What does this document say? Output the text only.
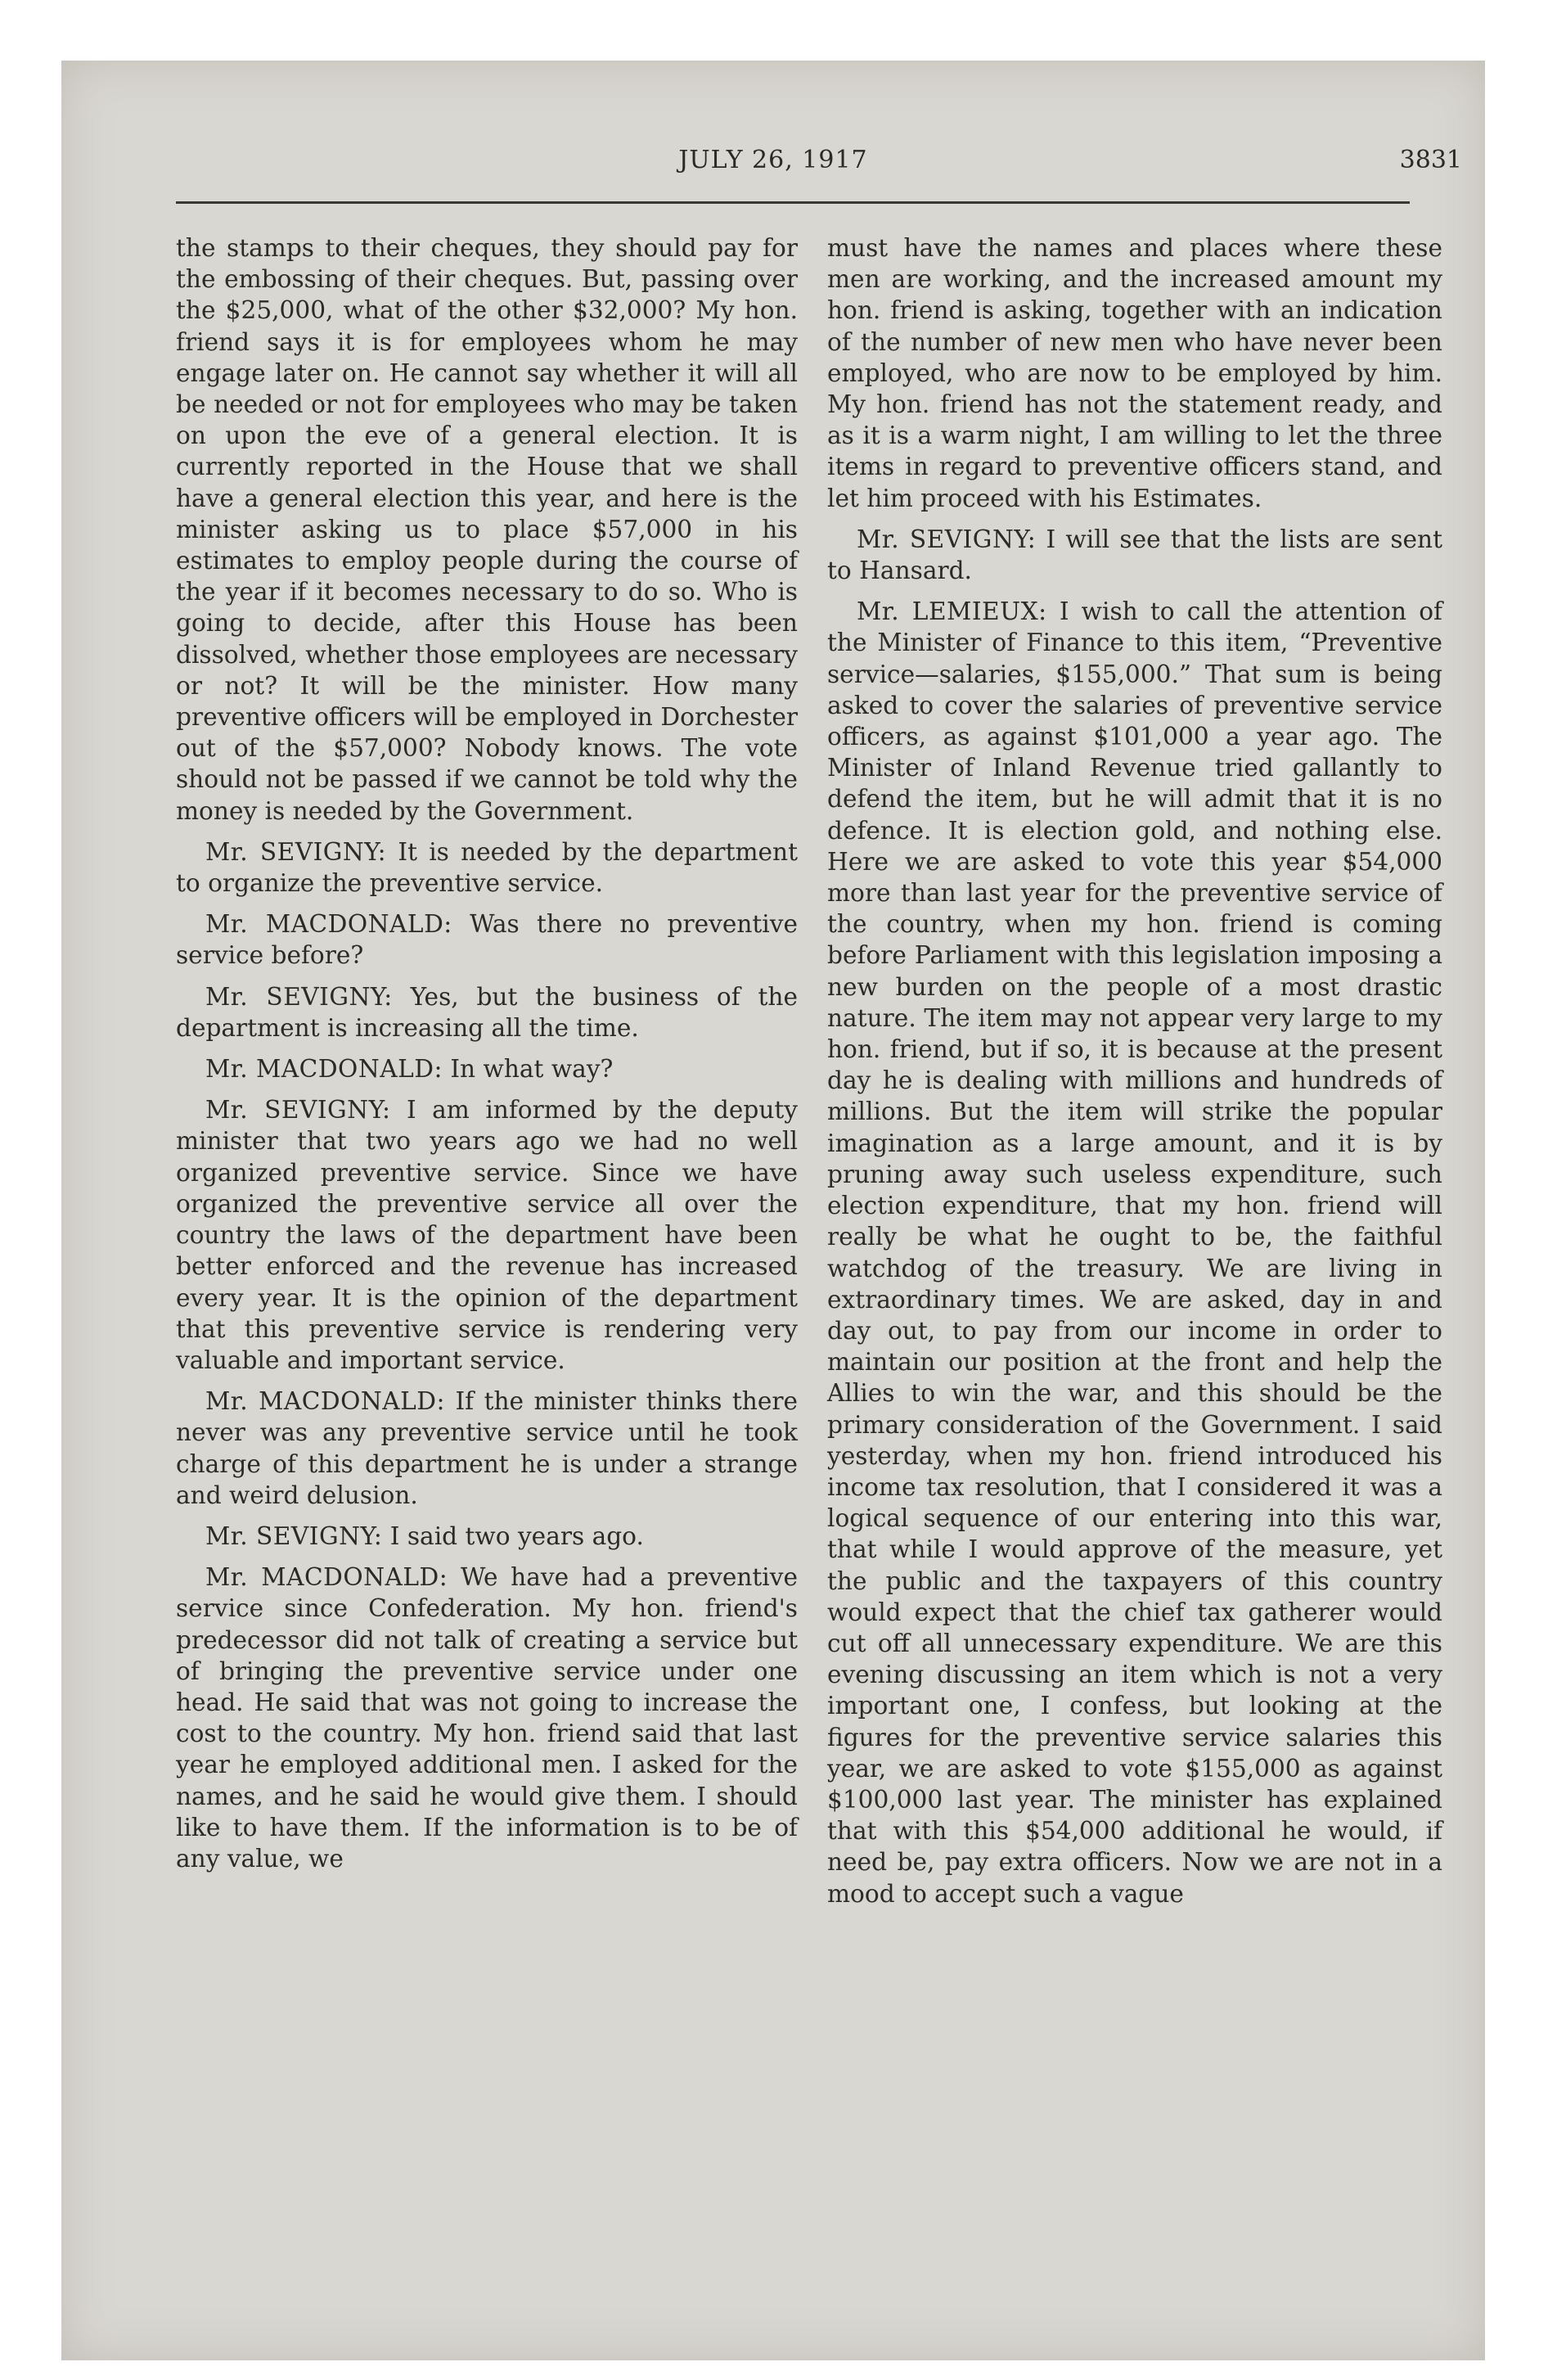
JULY 26, 1917	3831

the stamps to their cheques, they should pay for the embossing of their cheques. But, passing over the $25,000, what of the other $32,000? My hon. friend says it is for employees whom he may engage later on. He cannot say whether it will all be needed or not for employees who may be taken on upon the eve of a general election. It is currently reported in the House that we shall have a general election this year, and here is the minister asking us to place $57,000 in his estimates to employ people during the course of the year if it becomes necessary to do so. Who is going to decide, after this House has been dissolved, whether those employees are necessary or not? It will be the minister. How many preventive officers will be employed in Dorchester out of the $57,000? Nobody knows. The vote should not be passed if we cannot be told why the money is needed by the Government.

Mr. SEVIGNY: It is needed by the department to organize the preventive service.

Mr. MACDONALD: Was there no preventive service before?

Mr. SEVIGNY: Yes, but the business of the department is increasing all the time.

Mr. MACDONALD: In what way?

Mr. SEVIGNY: I am informed by the deputy minister that two years ago we had no well organized preventive service. Since we have organized the preventive service all over the country the laws of the department have been better enforced and the revenue has increased every year. It is the opinion of the department that this preventive service is rendering very valuable and important service.

Mr. MACDONALD: If the minister thinks there never was any preventive service until he took charge of this department he is under a strange and weird delusion.

Mr. SEVIGNY: I said two years ago.

Mr. MACDONALD: We have had a preventive service since Confederation. My hon. friend's predecessor did not talk of creating a service but of bringing the preventive service under one head. He said that was not going to increase the cost to the country. My hon. friend said that last year he employed additional men. I asked for the names, and he said he would give them. I should like to have them. If the information is to be of any value, we

must have the names and places where these men are working, and the increased amount my hon. friend is asking, together with an indication of the number of new men who have never been employed, who are now to be employed by him. My hon. friend has not the statement ready, and as it is a warm night, I am willing to let the three items in regard to preventive officers stand, and let him proceed with his Estimates.

Mr. SEVIGNY: I will see that the lists are sent to Hansard.

Mr. LEMIEUX: I wish to call the attention of the Minister of Finance to this item, “Preventive service—salaries, $155,000.” That sum is being asked to cover the salaries of preventive service officers, as against $101,000 a year ago. The Minister of Inland Revenue tried gallantly to defend the item, but he will admit that it is no defence. It is election gold, and nothing else. Here we are asked to vote this year $54,000 more than last year for the preventive service of the country, when my hon. friend is coming before Parliament with this legislation imposing a new burden on the people of a most drastic nature. The item may not appear very large to my hon. friend, but if so, it is because at the present day he is dealing with millions and hundreds of millions. But the item will strike the popular imagination as a large amount, and it is by pruning away such useless expenditure, such election expenditure, that my hon. friend will really be what he ought to be, the faithful watchdog of the treasury. We are living in extraordinary times. We are asked, day in and day out, to pay from our income in order to maintain our position at the front and help the Allies to win the war, and this should be the primary consideration of the Government. I said yesterday, when my hon. friend introduced his income tax resolution, that I considered it was a logical sequence of our entering into this war, that while I would approve of the measure, yet the public and the taxpayers of this country would expect that the chief tax gatherer would cut off all unnecessary expenditure. We are this evening discussing an item which is not a very important one, I confess, but looking at the figures for the preventive service salaries this year, we are asked to vote $155,000 as against $100,000 last year. The minister has explained that with this $54,000 additional he would, if need be, pay extra officers. Now we are not in a mood to accept such a vague
